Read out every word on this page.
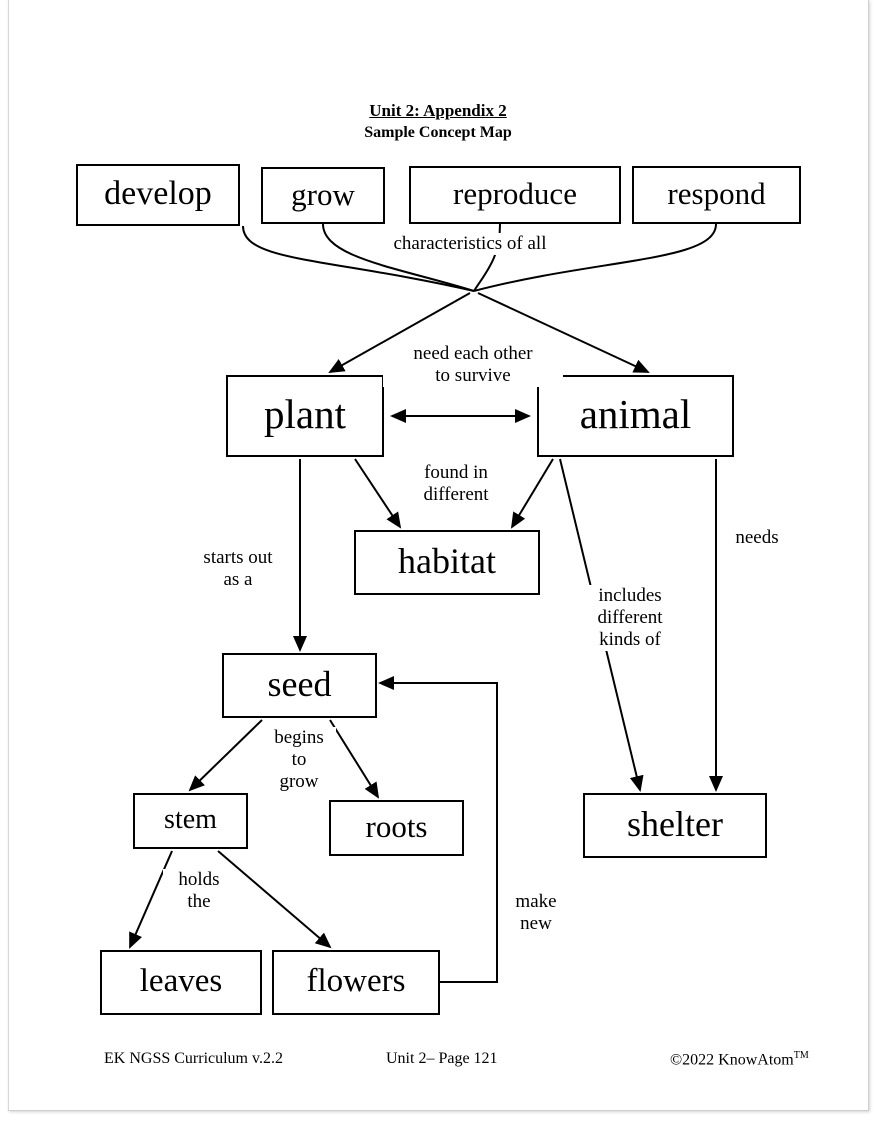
Unit 2: Appendix 2
Sample Concept Map
develop	grow	reproduce	respond
plant	animal
habitat
seed
shelter
stem	roots
leaves	flowers
characteristics of all
need each other
to survive
found in
different
starts out
as a
needs
includes
different
kinds of
begins
to
grow
holds
the	make
new
EK NGSS Curriculum v.2.2	Unit 2– Page 121	©2022 KnowAtom™
